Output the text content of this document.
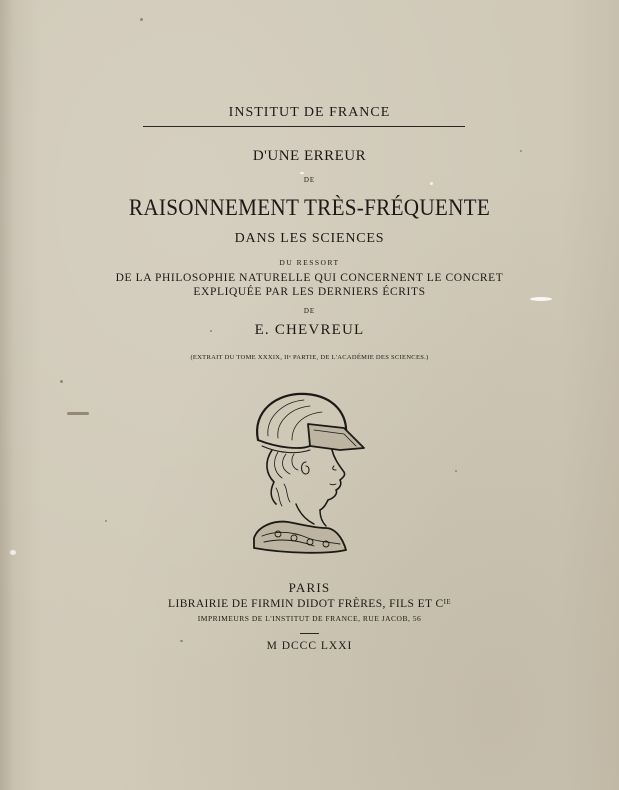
INSTITUT DE FRANCE
D'UNE ERREUR
DE
RAISONNEMENT TRÈS-FRÉQUENTE
DANS LES SCIENCES
DU RESSORT
DE LA PHILOSOPHIE NATURELLE QUI CONCERNENT LE CONCRET
EXPLIQUÉE PAR LES DERNIERS ÉCRITS
DE
E. CHEVREUL
(EXTRAIT DU TOME XXXIX, IIᵉ PARTIE, DE L'ACADÉMIE DES SCIENCES.)
PARIS
LIBRAIRIE DE FIRMIN DIDOT FRÈRES, FILS ET Cᴵᴱ
IMPRIMEURS DE L'INSTITUT DE FRANCE, RUE JACOB, 56
M DCCC LXXI
